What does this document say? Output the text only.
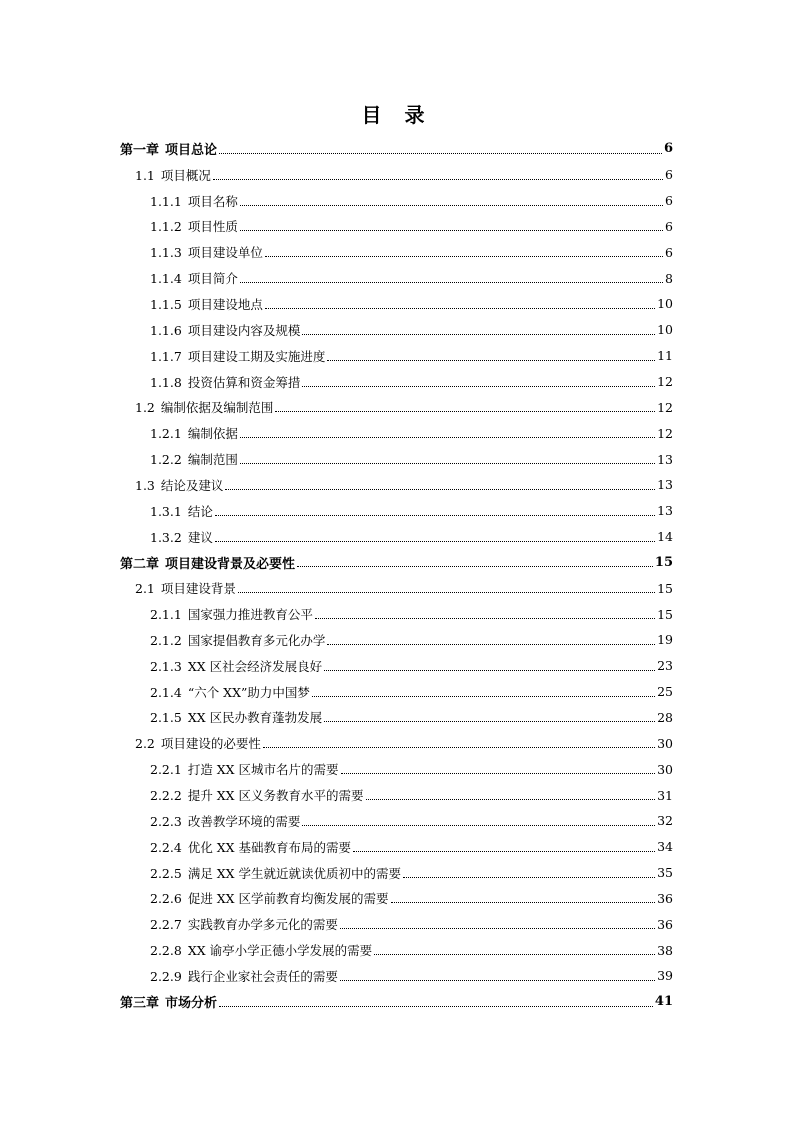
目 录
第一章 项目总论	6
1.1 项目概况	6
1.1.1 项目名称	6
1.1.2 项目性质	6
1.1.3 项目建设单位	6
1.1.4 项目简介	8
1.1.5 项目建设地点	10
1.1.6 项目建设内容及规模	10
1.1.7 项目建设工期及实施进度	11
1.1.8 投资估算和资金筹措	12
1.2 编制依据及编制范围	12
1.2.1 编制依据	12
1.2.2 编制范围	13
1.3 结论及建议	13
1.3.1 结论	13
1.3.2 建议	14
第二章 项目建设背景及必要性	15
2.1 项目建设背景	15
2.1.1 国家强力推进教育公平	15
2.1.2 国家提倡教育多元化办学	19
2.1.3 XX 区社会经济发展良好	23
2.1.4 “六个 XX”助力中国梦	25
2.1.5 XX 区民办教育蓬勃发展	28
2.2 项目建设的必要性	30
2.2.1 打造 XX 区城市名片的需要	30
2.2.2 提升 XX 区义务教育水平的需要	31
2.2.3 改善教学环境的需要	32
2.2.4 优化 XX 基础教育布局的需要	34
2.2.5 满足 XX 学生就近就读优质初中的需要	35
2.2.6 促进 XX 区学前教育均衡发展的需要	36
2.2.7 实践教育办学多元化的需要	36
2.2.8 XX 谕亭小学正德小学发展的需要	38
2.2.9 践行企业家社会责任的需要	39
第三章 市场分析	41
